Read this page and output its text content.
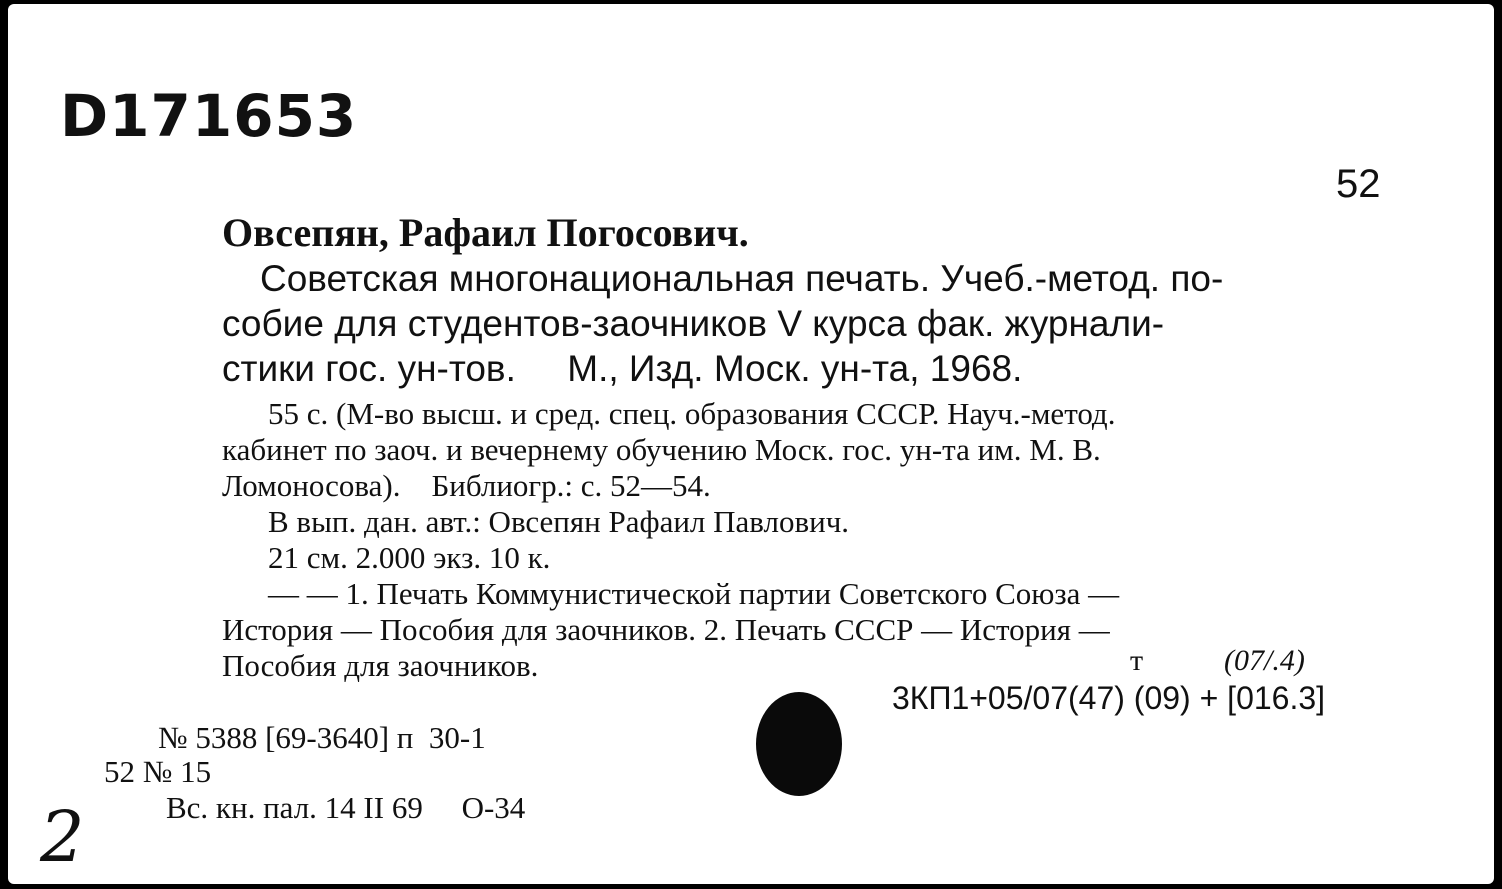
D171653
52
Овсепян, Рафаил Погосович.
Советская многонациональная печать. Учеб.-метод. по-
собие для студентов-заочников V курса фак. журнали-
стики гос. ун-тов.     М., Изд. Моск. ун-та, 1968.
55 с. (М-во высш. и сред. спец. образования СССР. Науч.-метод.
кабинет по заоч. и вечернему обучению Моск. гос. ун-та им. М. В.
Ломоносова).    Библиогр.: с. 52—54.
В вып. дан. авт.: Овсепян Рафаил Павлович.
21 см. 2.000 экз. 10 к.
— — 1. Печать Коммунистической партии Советского Союза —
История — Пособия для заочников. 2. Печать СССР — История —
Пособия для заочников.	т	(07/.4)
3КП1+05/07(47) (09) + [016.3]
№ 5388 [69-3640] п  30-1
52 № 15
Вс. кн. пал. 14 II 69     О-34
2
